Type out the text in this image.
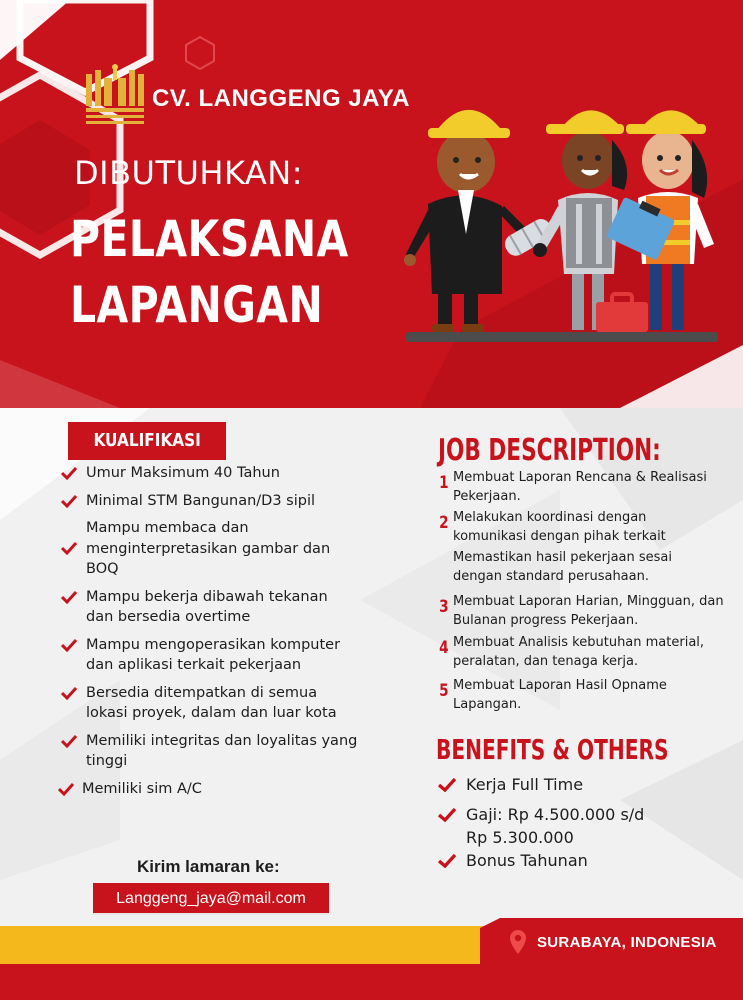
CV. LANGGENG JAYA
DIBUTUHKAN:
PELAKSANA
LAPANGAN
KUALIFIKASI
Umur Maksimum 40 Tahun
Minimal STM Bangunan/D3 sipil
Mampu membaca dan menginterpretasikan gambar dan BOQ
Mampu bekerja dibawah tekanan dan bersedia overtime
Mampu mengoperasikan komputer dan aplikasi terkait pekerjaan
Bersedia ditempatkan di semua lokasi proyek, dalam dan luar kota
Memiliki integritas dan loyalitas yang tinggi
Memiliki sim A/C
Kirim lamaran ke:
Langgeng_jaya@mail.com
JOB DESCRIPTION:
1 Membuat Laporan Rencana & Realisasi Pekerjaan.
2 Melakukan koordinasi dengan komunikasi dengan pihak terkait
Memastikan hasil pekerjaan sesai dengan standard perusahaan.
3 Membuat Laporan Harian, Mingguan, dan Bulanan progress Pekerjaan.
4 Membuat Analisis kebutuhan material, peralatan, dan tenaga kerja.
5 Membuat Laporan Hasil Opname Lapangan.
BENEFITS & OTHERS
Kerja Full Time
Gaji: Rp 4.500.000 s/d Rp 5.300.000
Bonus Tahunan
SURABAYA, INDONESIA
